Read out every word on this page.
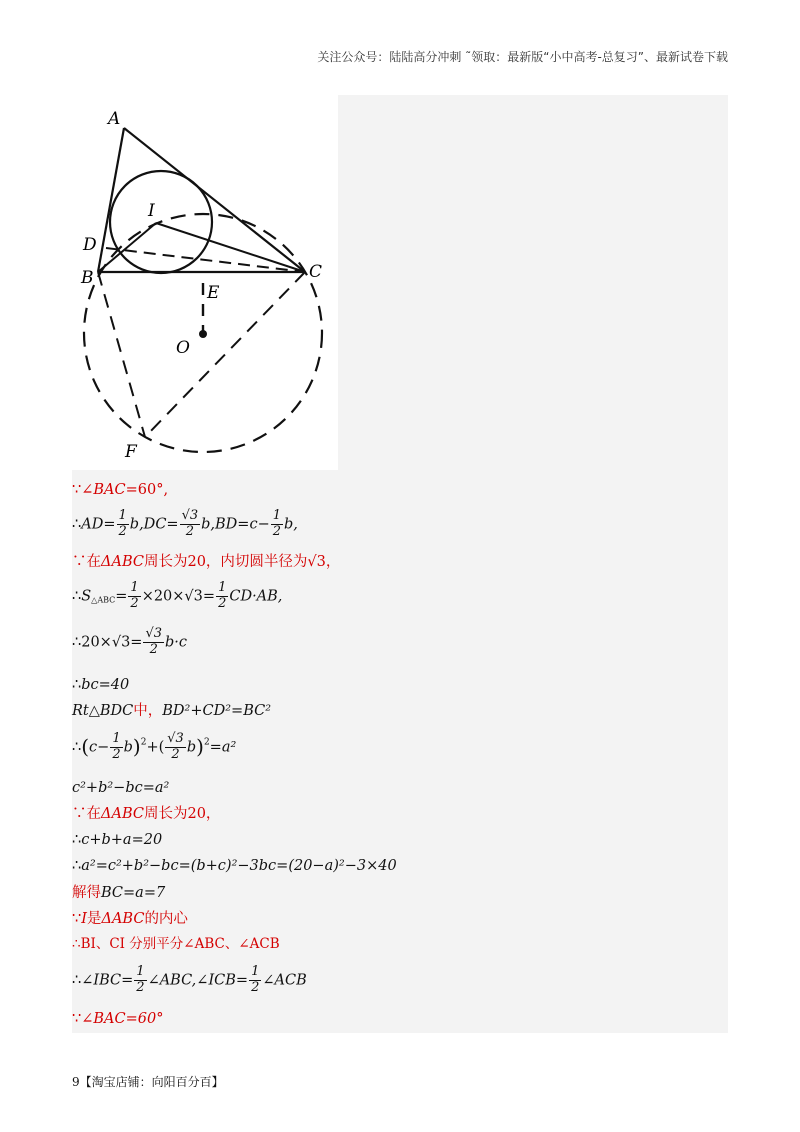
关注公众号：陆陆高分冲刺 ˜领取：最新版“小中高考-总复习”、最新试卷下载
A
I
D
B	C
E
O
F
∵∠BAC=60°,
∴AD= $\frac{1}{2} b,DC= \frac{√3}{2} b,BD=c- \frac{1}{2} b$,
∵在ΔABC周长为20，内切圆半径为√3，
$\therefore S_{\triangle ABC}= \frac{1}{2} \times 20\times√3= \frac{1}{2} CD\cdot AB$,
∴20×√3= $\frac{√3}{2} b\cdot c$
∴bc=40
Rt△BDC中，BD²+CD²=BC²
∴(c− $\frac{1}{2} b)^2+( \frac{√3}{2} b)^2=a^2$
c²+b²−bc=a²
∵在ΔABC周长为20，
∴c+b+a=20
∴a²=c²+b²−bc=(b+c)²−3bc=(20−a)²−3×40
解得BC=a=7
∵I是ΔABC的内心
∴BI、CI 分别平分∠ABC、∠ACB
∴∠IBC= $\frac{1}{2}$ ∠ABC,∠ICB= $\frac{1}{2}$ ∠ACB
∵∠BAC=60°
9【淘宝店铺：向阳百分百】
